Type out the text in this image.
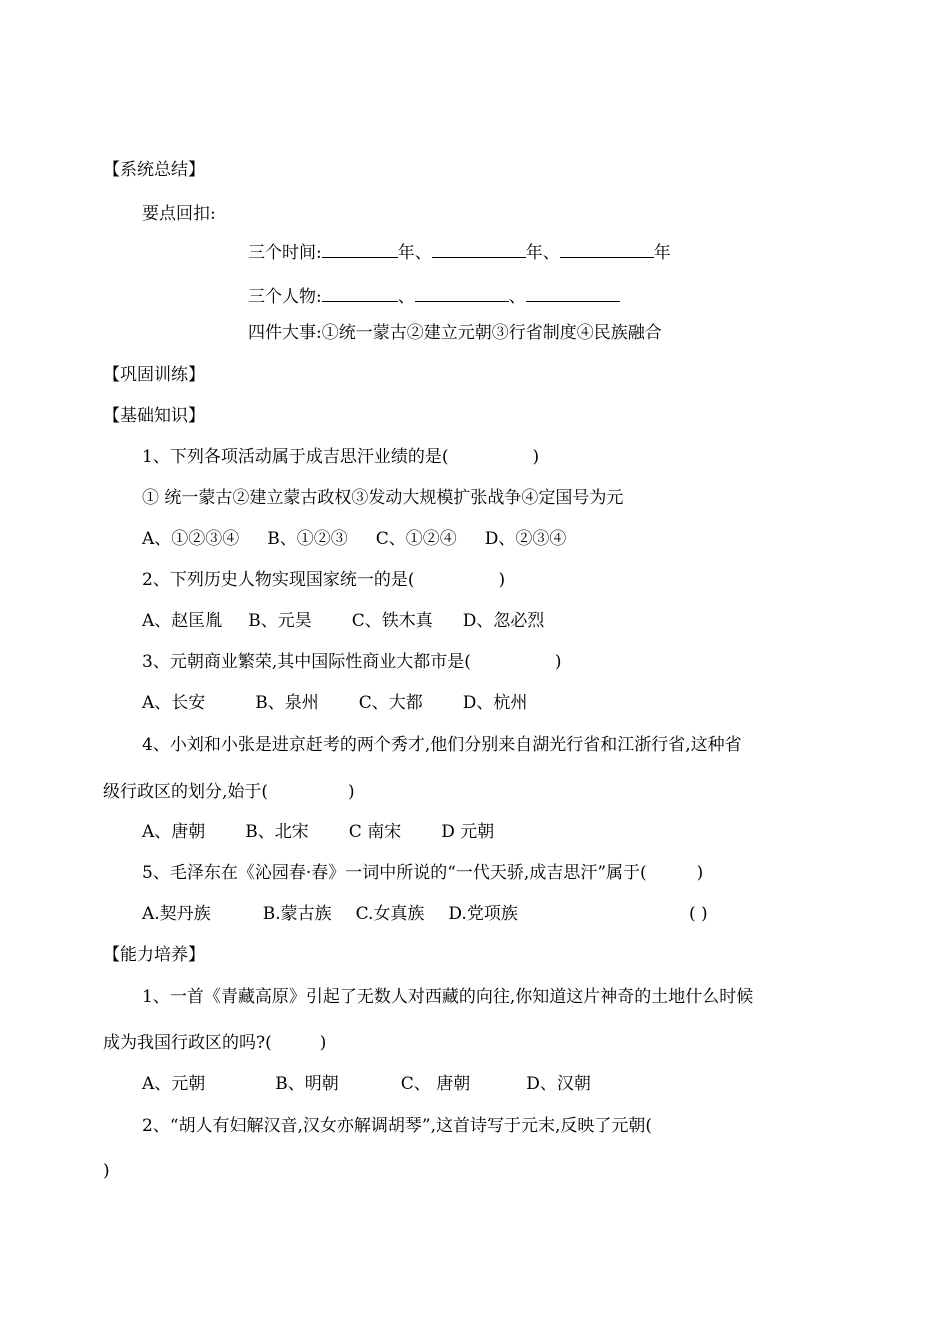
【系统总结】
要点回扣:
三个时间:	年、	年、	年
三个人物:	、	、
四件大事:①统一蒙古②建立元朝③行省制度④民族融合
【巩固训练】
【基础知识】
1、下列各项活动属于成吉思汗业绩的是(	)
① 统一蒙古②建立蒙古政权③发动大规模扩张战争④定国号为元
A、①②③④ B、①②③ C、①②④ D、②③④
2、下列历史人物实现国家统一的是(	)
A、赵匡胤 B、元昊 C、铁木真 D、忽必烈
3、元朝商业繁荣,其中国际性商业大都市是(	)
A、长安	B、泉州 C、大都 D、杭州
4、小刘和小张是进京赶考的两个秀才,他们分别来自湖光行省和江浙行省,这种省
级行政区的划分,始于(	)
A、唐朝 B、北宋 C 南宋 D 元朝
5、毛泽东在《沁园春·春》一词中所说的“一代天骄,成吉思汗”属于(	)
A.契丹族	B.蒙古族 C.女真族 D.党项族	( )
【能力培养】
1、一首《青藏高原》引起了无数人对西藏的向往,你知道这片神奇的土地什么时候
成为我国行政区的吗?(	)
A、元朝	B、明朝	C、 唐朝	D、汉朝
2、“胡人有妇解汉音,汉女亦解调胡琴”,这首诗写于元末,反映了元朝(
)
